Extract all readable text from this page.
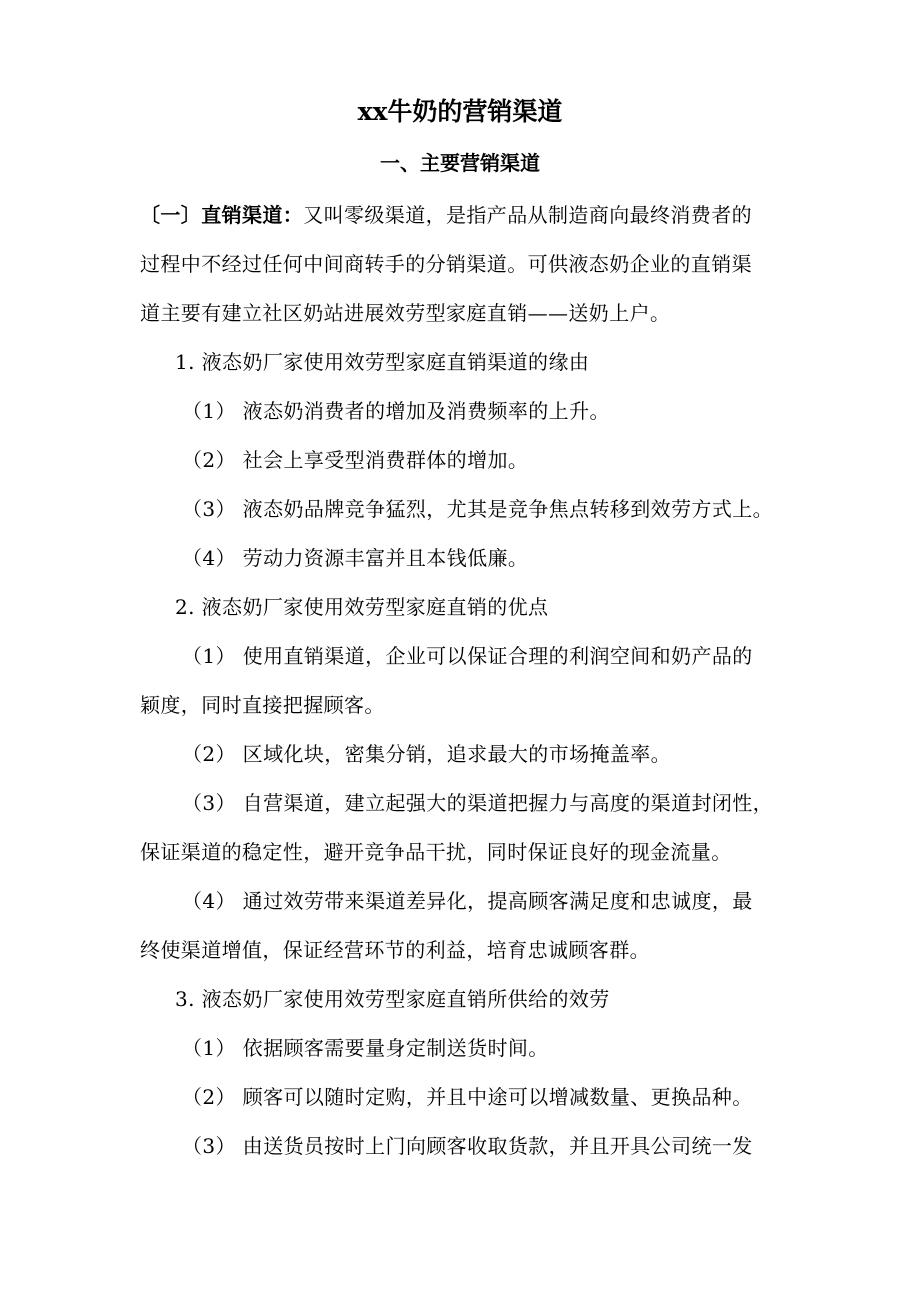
xx牛奶的营销渠道
一、主要营销渠道
〔一〕直销渠道：又叫零级渠道，是指产品从制造商向最终消费者的
过程中不经过任何中间商转手的分销渠道。可供液态奶企业的直销渠
道主要有建立社区奶站进展效劳型家庭直销——送奶上户。
1. 液态奶厂家使用效劳型家庭直销渠道的缘由
（1） 液态奶消费者的增加及消费频率的上升。
（2） 社会上享受型消费群体的增加。
（3） 液态奶品牌竞争猛烈，尤其是竞争焦点转移到效劳方式上。
（4） 劳动力资源丰富并且本钱低廉。
2. 液态奶厂家使用效劳型家庭直销的优点
（1） 使用直销渠道，企业可以保证合理的利润空间和奶产品的
颖度，同时直接把握顾客。
（2） 区域化块，密集分销，追求最大的市场掩盖率。
（3） 自营渠道，建立起强大的渠道把握力与高度的渠道封闭性，
保证渠道的稳定性，避开竞争品干扰，同时保证良好的现金流量。
（4） 通过效劳带来渠道差异化，提高顾客满足度和忠诚度，最
终使渠道增值，保证经营环节的利益，培育忠诚顾客群。
3. 液态奶厂家使用效劳型家庭直销所供给的效劳
（1） 依据顾客需要量身定制送货时间。
（2） 顾客可以随时定购，并且中途可以增减数量、更换品种。
（3） 由送货员按时上门向顾客收取货款，并且开具公司统一发
